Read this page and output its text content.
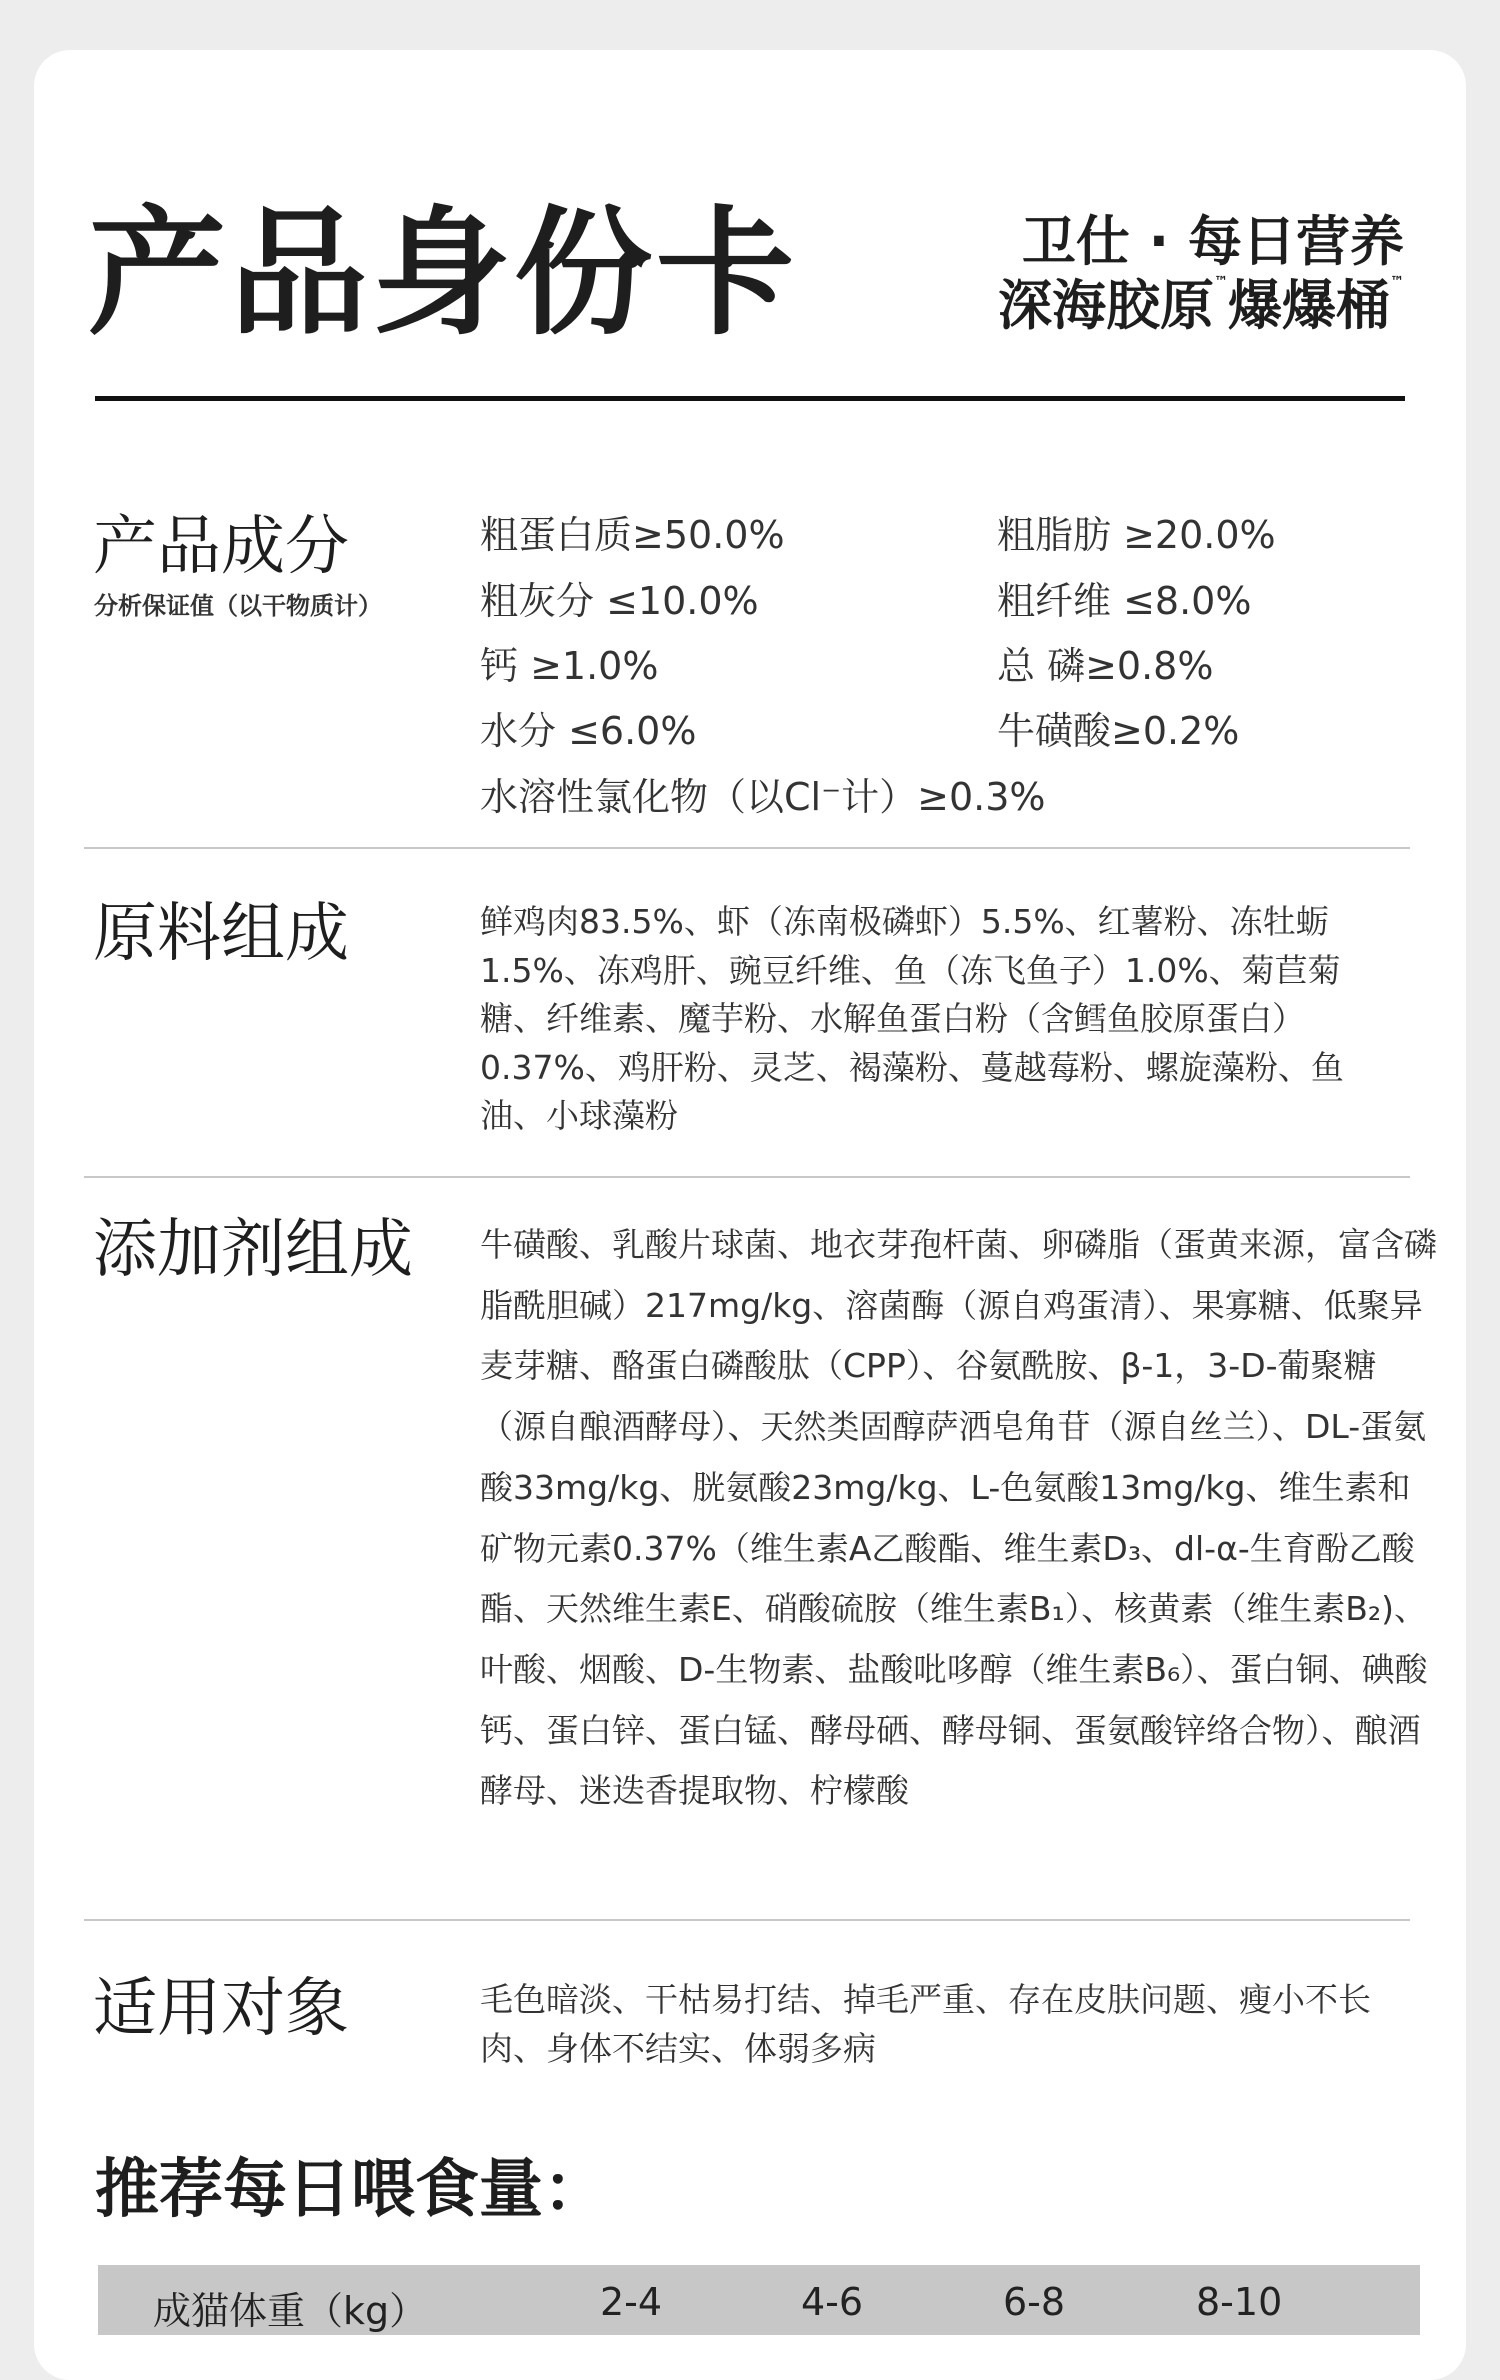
产品身份卡	卫仕 · 每日营养
深海胶原™爆爆桶™
产品成分
分析保证值（以干物质计）
粗蛋白质≥50.0%	粗脂肪 ≥20.0%
粗灰分 ≤10.0%	粗纤维 ≤8.0%
钙 ≥1.0%	总 磷≥0.8%
水分 ≤6.0%	牛磺酸≥0.2%
水溶性氯化物（以Cl⁻计）≥0.3%
原料组成	鲜鸡肉83.5%、虾（冻南极磷虾）5.5%、红薯粉、冻牡蛎1.5%、冻鸡肝、豌豆纤维、鱼（冻飞鱼子）1.0%、菊苣菊糖、纤维素、魔芋粉、水解鱼蛋白粉（含鳕鱼胶原蛋白）0.37%、鸡肝粉、灵芝、褐藻粉、蔓越莓粉、螺旋藻粉、鱼油、小球藻粉
添加剂组成 牛磺酸、乳酸片球菌、地衣芽孢杆菌、卵磷脂（蛋黄来源，富含磷脂酰胆碱）217mg/kg、溶菌酶（源自鸡蛋清）、果寡糖、低聚异麦芽糖、酪蛋白磷酸肽（CPP）、谷氨酰胺、β-1，3-D-葡聚糖（源自酿酒酵母）、天然类固醇萨洒皂角苷（源自丝兰）、DL-蛋氨酸33mg/kg、胱氨酸23mg/kg、L-色氨酸13mg/kg、维生素和矿物元素0.37%（维生素A乙酸酯、维生素D₃、dl-α-生育酚乙酸酯、天然维生素E、硝酸硫胺（维生素B₁）、核黄素（维生素B₂)、叶酸、烟酸、D-生物素、盐酸吡哆醇（维生素B₆）、蛋白铜、碘酸钙、蛋白锌、蛋白锰、酵母硒、酵母铜、蛋氨酸锌络合物）、酿酒酵母、迷迭香提取物、柠檬酸
适用对象	毛色暗淡、干枯易打结、掉毛严重、存在皮肤问题、瘦小不长肉、身体不结实、体弱多病
推荐每日喂食量：
成猫体重（kg）	2-4	4-6	6-8	8-10
